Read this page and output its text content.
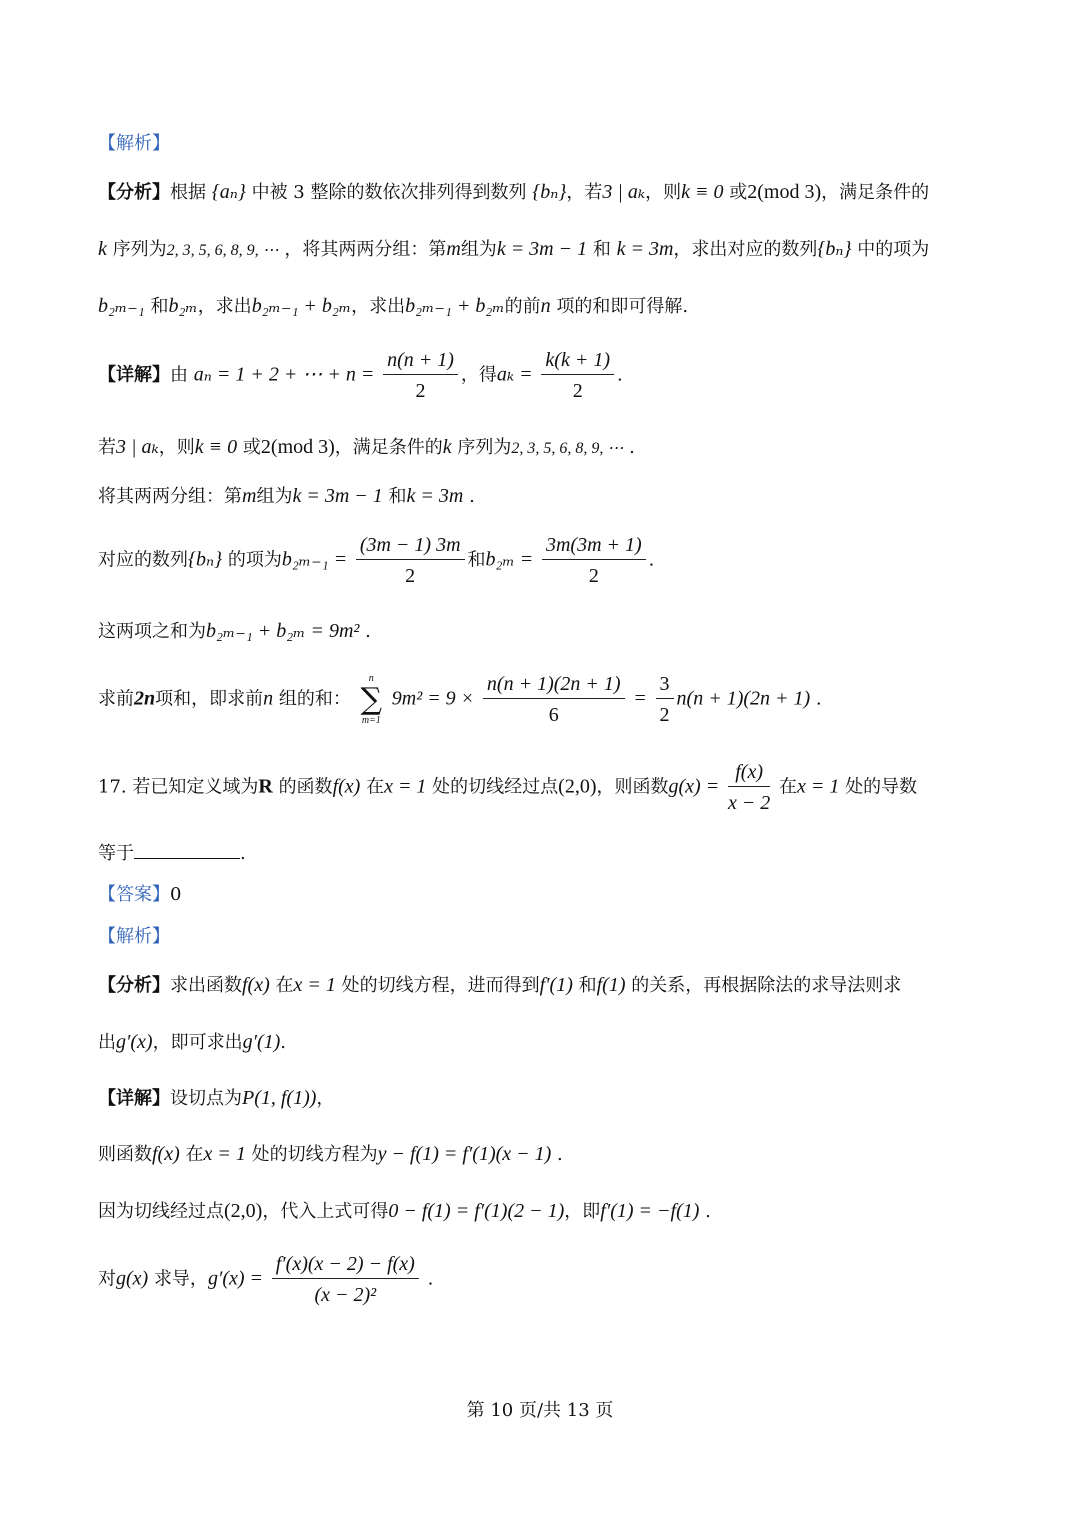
【解析】
【分析】根据 {aₙ} 中被 3 整除的数依次排列得到数列 {bₙ}，若3 | aₖ，则k ≡ 0 或2(mod 3)，满足条件的
k 序列为2, 3, 5, 6, 8, 9, ⋯ ，将其两两分组：第m组为k = 3m − 1 和 k = 3m，求出对应的数列{bₙ} 中的项为
b₂ₘ₋₁ 和b₂ₘ，求出b₂ₘ₋₁ + b₂ₘ，求出b₂ₘ₋₁ + b₂ₘ的前n 项的和即可得解.
【详解】由 aₙ = 1 + 2 + ⋯ + $n = \frac{n(n + 1)}{2}$ ，得$a_k = \frac{k(k + 1)}{2}$ .
若3 | aₖ，则k ≡ 0 或2(mod 3)，满足条件的k 序列为2, 3, 5, 6, 8, 9, ⋯ .
将其两两分组：第m组为k = 3m − 1 和k = 3m .
对应的数列{bₙ} 的项为$b_{2m-1} = \frac{(3m - 1) 3m}{2}$ 和$b_{2m} = \frac{3m(3m + 1)}{2}$ .
这两项之和为b₂ₘ₋₁ + b₂ₘ = 9m² .
求前2n项和，即求前n 组的和：
n
∑
m=1
$9m^2 = 9 \times \frac{n(n + 1)(2n + 1)}{6} = \frac{3}{2} n(n + 1)(2n + 1)$ .
17. 若已知定义域为R 的函数f(x) 在x = 1 处的切线经过点(2,0)，则函数$g(x) = \frac{f(x)}{x - 2}$ 在x = 1 处的导数
等于	.
【答案】0
【解析】
【分析】求出函数f(x) 在x = 1 处的切线方程，进而得到f′(1) 和f(1) 的关系，再根据除法的求导法则求
出g′(x)，即可求出g′(1).
【详解】设切点为P(1, f(1))，
则函数f(x) 在x = 1 处的切线方程为y − f(1) = f′(1)(x − 1) .
因为切线经过点(2,0)，代入上式可得0 − f(1) = f′(1)(2 − 1)，即f′(1) = −f(1) .
对g(x) 求导，$g'(x) = \frac{f'(x)(x - 2) - f(x)}{\text{(x − 2)²}}$ .
第 10 页/共 13 页
